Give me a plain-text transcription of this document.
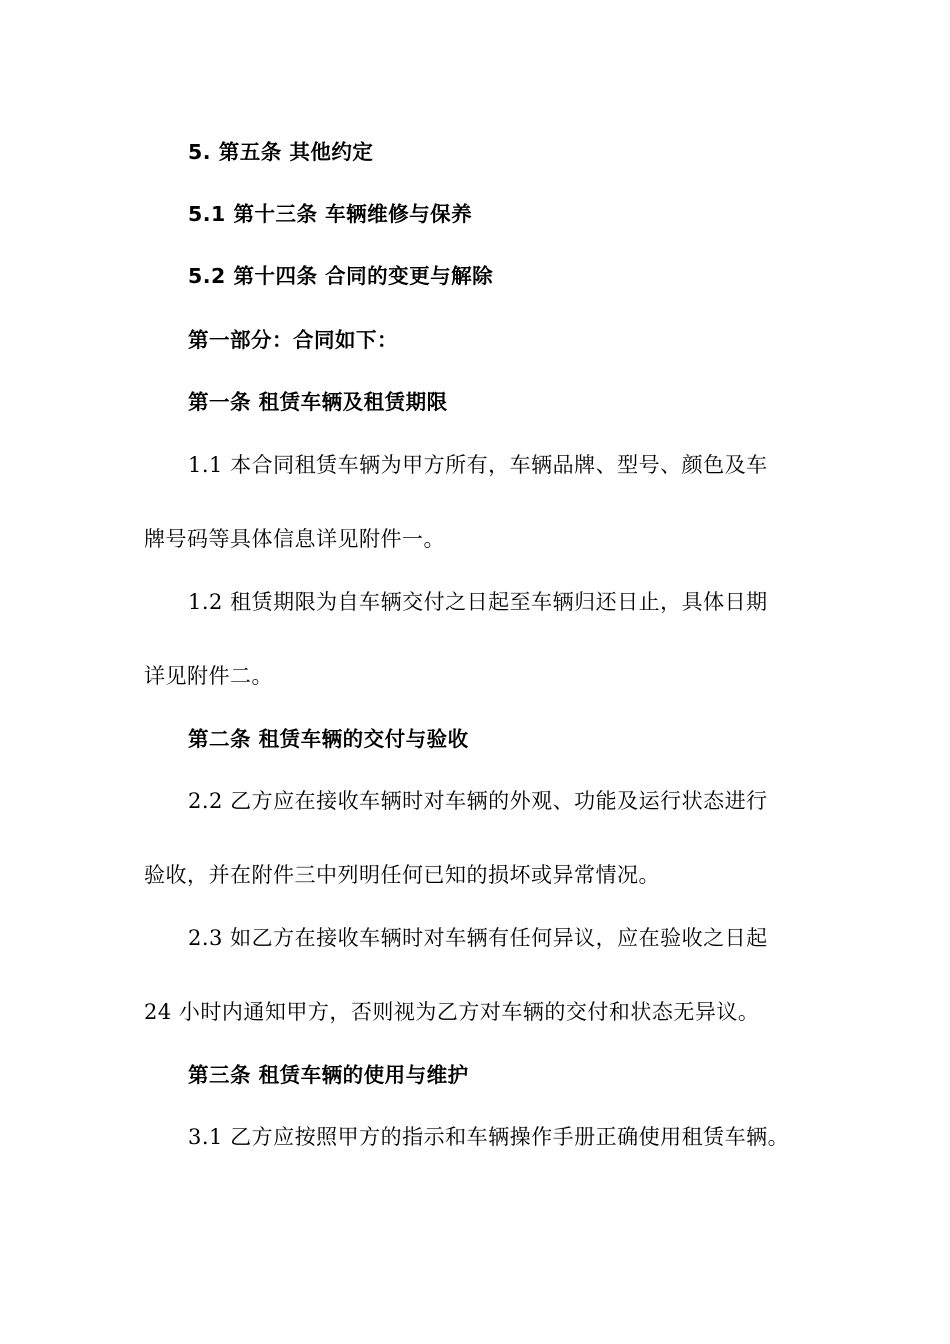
5. 第五条 其他约定
5.1 第十三条 车辆维修与保养
5.2 第十四条 合同的变更与解除
第一部分：合同如下：
第一条 租赁车辆及租赁期限
1.1 本合同租赁车辆为甲方所有，车辆品牌、型号、颜色及车
牌号码等具体信息详见附件一。
1.2 租赁期限为自车辆交付之日起至车辆归还日止，具体日期
详见附件二。
第二条 租赁车辆的交付与验收
2.2 乙方应在接收车辆时对车辆的外观、功能及运行状态进行
验收，并在附件三中列明任何已知的损坏或异常情况。
2.3 如乙方在接收车辆时对车辆有任何异议，应在验收之日起
24 小时内通知甲方，否则视为乙方对车辆的交付和状态无异议。
第三条 租赁车辆的使用与维护
3.1 乙方应按照甲方的指示和车辆操作手册正确使用租赁车辆。
